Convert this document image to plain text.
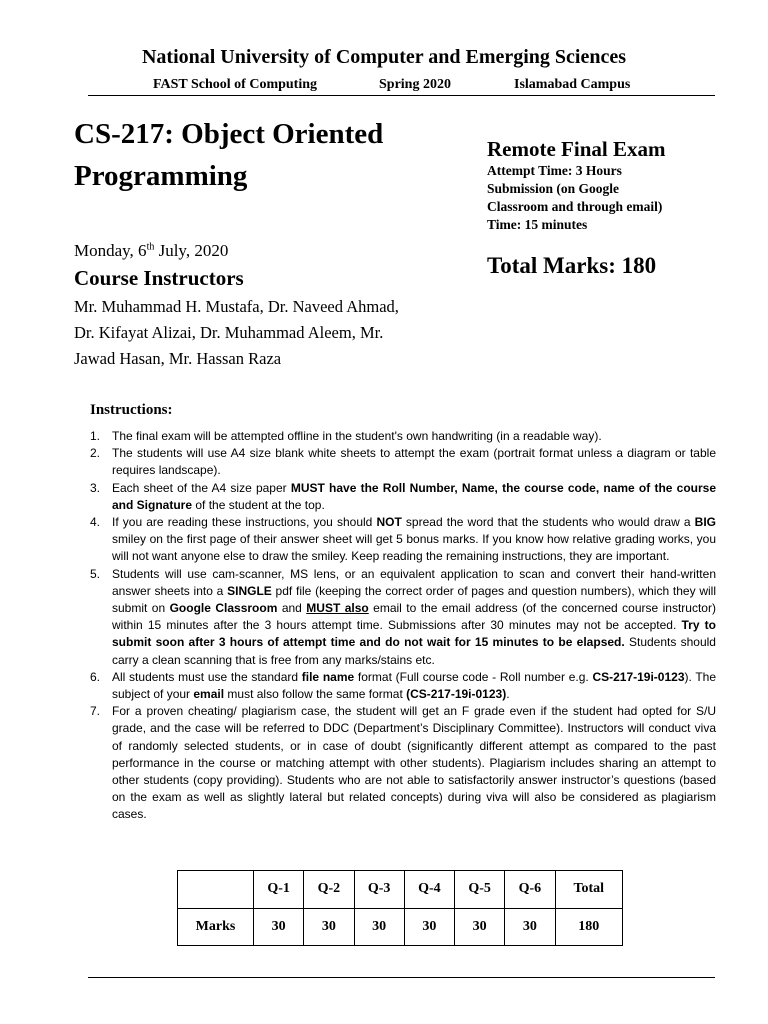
National University of Computer and Emerging Sciences
FAST School of Computing	Spring 2020	Islamabad Campus
CS-217: Object Oriented
Programming
Remote Final Exam
Attempt Time: 3 Hours
Submission (on Google
Classroom and through email)
Time: 15 minutes
Total Marks: 180
Monday, 6th July, 2020
Course Instructors
Mr. Muhammad H. Mustafa, Dr. Naveed Ahmad,
Dr. Kifayat Alizai, Dr. Muhammad Aleem, Mr.
Jawad Hasan, Mr. Hassan Raza
Instructions:
1. The final exam will be attempted offline in the student's own handwriting (in a readable way).
2. The students will use A4 size blank white sheets to attempt the exam (portrait format unless a diagram or table requires landscape).
3. Each sheet of the A4 size paper MUST have the Roll Number, Name, the course code, name of the course and Signature of the student at the top.
4. If you are reading these instructions, you should NOT spread the word that the students who would draw a BIG smiley on the first page of their answer sheet will get 5 bonus marks. If you know how relative grading works, you will not want anyone else to draw the smiley. Keep reading the remaining instructions, they are important.
5. Students will use cam-scanner, MS lens, or an equivalent application to scan and convert their hand-written answer sheets into a SINGLE pdf file (keeping the correct order of pages and question numbers), which they will submit on Google Classroom and MUST also email to the email address (of the concerned course instructor) within 15 minutes after the 3 hours attempt time. Submissions after 30 minutes may not be accepted. Try to submit soon after 3 hours of attempt time and do not wait for 15 minutes to be elapsed. Students should carry a clean scanning that is free from any marks/stains etc.
6. All students must use the standard file name format (Full course code - Roll number e.g. CS-217-19i-0123). The subject of your email must also follow the same format (CS-217-19i-0123).
7. For a proven cheating/ plagiarism case, the student will get an F grade even if the student had opted for S/U grade, and the case will be referred to DDC (Department’s Disciplinary Committee). Instructors will conduct viva of randomly selected students, or in case of doubt (significantly different attempt as compared to the past performance in the course or matching attempt with other students). Plagiarism includes sharing an attempt to other students (copy providing). Students who are not able to satisfactorily answer instructor’s questions (based on the exam as well as slightly lateral but related concepts) during viva will also be considered as plagiarism cases.
	Q-1	Q-2	Q-3	Q-4	Q-5	Q-6	Total
Marks	30	30	30	30	30	30	180
